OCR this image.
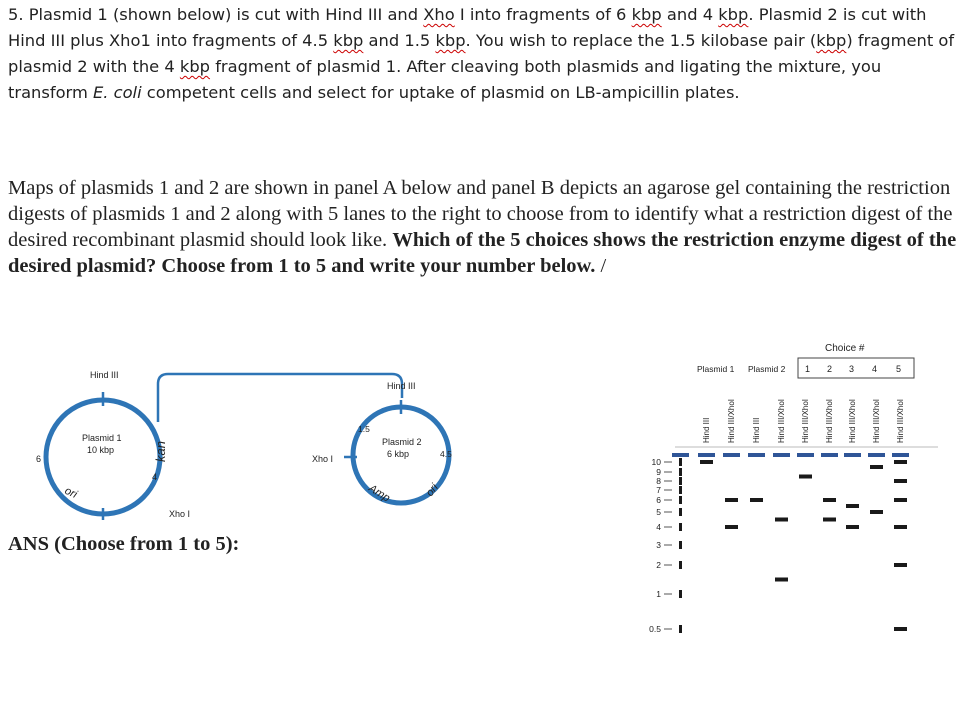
5. Plasmid 1 (shown below) is cut with Hind III and Xho I into fragments of 6 kbp and 4 kbp. Plasmid 2 is cut with Hind III plus Xho1 into fragments of 4.5 kbp and 1.5 kbp. You wish to replace the 1.5 kilobase pair (kbp) fragment of plasmid 2 with the 4 kbp fragment of plasmid 1. After cleaving both plasmids and ligating the mixture, you transform E. coli competent cells and select for uptake of plasmid on LB-ampicillin plates.
Maps of plasmids 1 and 2 are shown in panel A below and panel B depicts an agarose gel containing the restriction digests of plasmids 1 and 2 along with 5 lanes to the right to choose from to identify what a restriction digest of the desired recombinant plasmid should look like. Which of the 5 choices shows the restriction enzyme digest of the desired plasmid? Choose from 1 to 5 and write your number below. /
ANS (Choose from 1 to 5):
Hind III
Plasmid 1
10 kbp
6
4
kan
ori
Xho I
Hind III
1.5
Plasmid 2
6 kbp	4.5
Xho I
Amp	ori
Choice #
Plasmid 1 Plasmid 2 1 2 3 4 5
Hind III Hind III/XhoI Hind III Hind III/XhoI Hind III/XhoI Hind III/XhoI Hind III/XhoI Hind III/XhoI Hind III/XhoI
10
9
8
7
6
5
4
3
2
1
0.5
